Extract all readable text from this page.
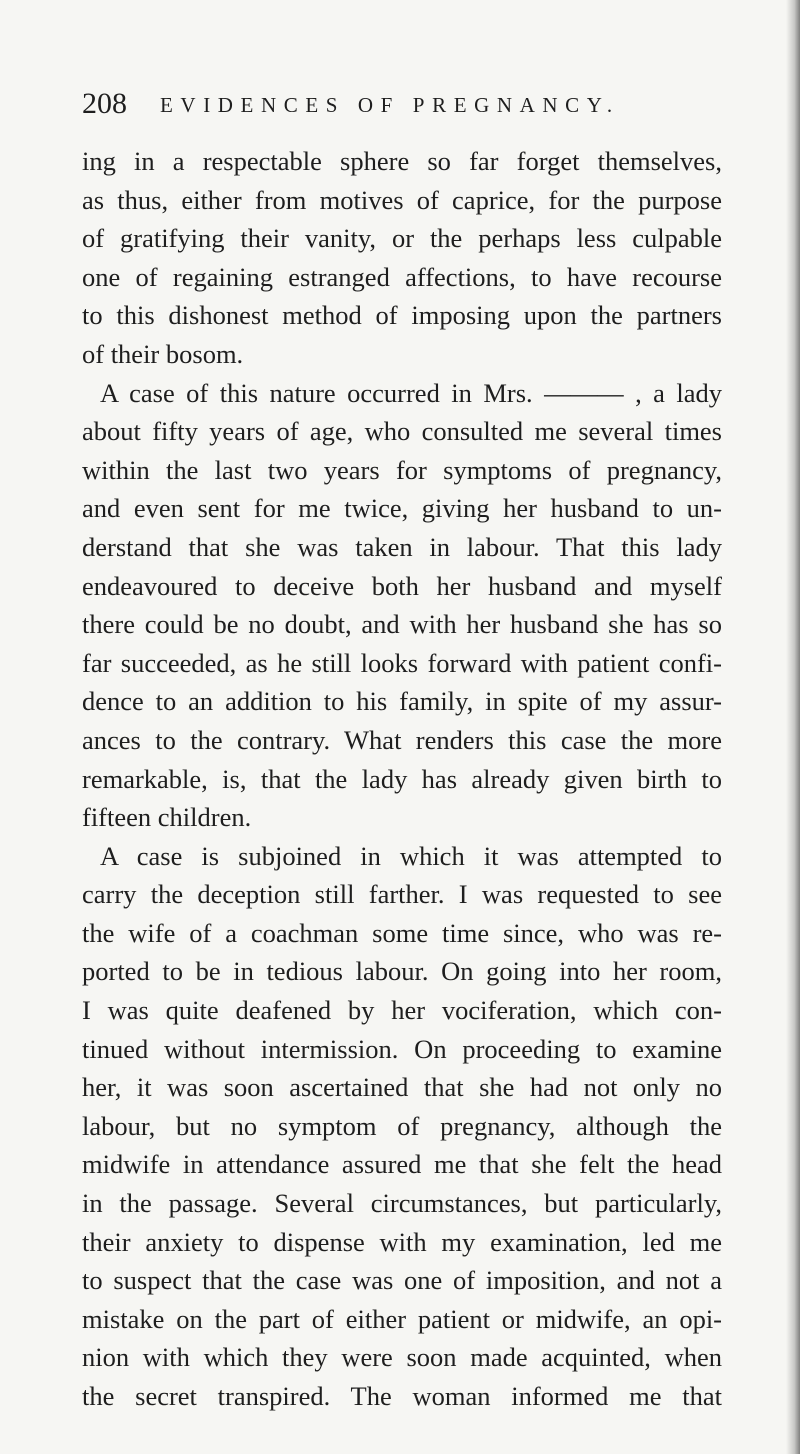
208 EVIDENCES OF PREGNANCY.
ing in a respectable sphere so far forget themselves,
as thus, either from motives of caprice, for the purpose
of gratifying their vanity, or the perhaps less culpable
one of regaining estranged affections, to have recourse
to this dishonest method of imposing upon the partners
of their bosom.
A case of this nature occurred in Mrs. ——— , a lady
about fifty years of age, who consulted me several times
within the last two years for symptoms of pregnancy,
and even sent for me twice, giving her husband to un-
derstand that she was taken in labour. That this lady
endeavoured to deceive both her husband and myself
there could be no doubt, and with her husband she has so
far succeeded, as he still looks forward with patient confi-
dence to an addition to his family, in spite of my assur-
ances to the contrary. What renders this case the more
remarkable, is, that the lady has already given birth to
fifteen children.
A case is subjoined in which it was attempted to
carry the deception still farther. I was requested to see
the wife of a coachman some time since, who was re-
ported to be in tedious labour. On going into her room,
I was quite deafened by her vociferation, which con-
tinued without intermission. On proceeding to examine
her, it was soon ascertained that she had not only no
labour, but no symptom of pregnancy, although the
midwife in attendance assured me that she felt the head
in the passage. Several circumstances, but particularly,
their anxiety to dispense with my examination, led me
to suspect that the case was one of imposition, and not a
mistake on the part of either patient or midwife, an opi-
nion with which they were soon made acquinted, when
the secret transpired. The woman informed me that
